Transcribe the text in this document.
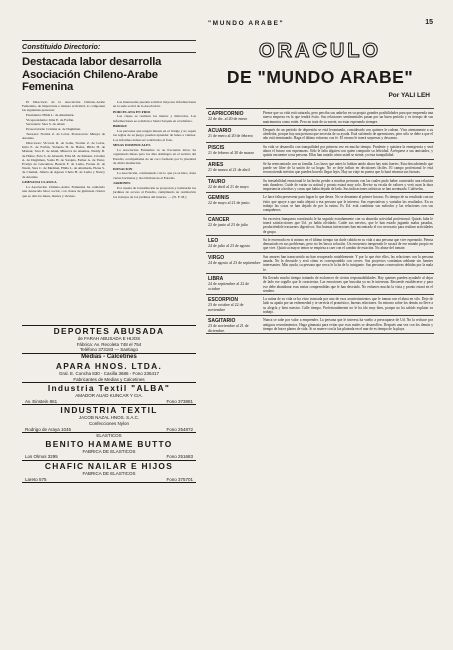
"MUNDO ARABE"	15
Constituido Directorio:
Destacada labor desarrolla Asociación Chileno-Arabe Femenina

El Directorio de la Asociación Chileno-Arabe Femenina, de importante e intensa actividad, lo componen las siguientes personas:

Presidenta: Hilda L. de Ahumadar.

Vicepresidenta: Irma E. de Farfán.

Secretaria: Sara S. de Abud.

Prosecretaria: Cristina A. de Dughman.

Tesorera: Norma Z. de Lolas. Protesorera: Mireya de Ananías.

Directoras: Victoria R. de Gaña, Norma Z. de Lolas, Irma E. de Farfán, Yolanda H. de Hafez, Hilda H. de Mansur, Sara E. de Abud, Minerva de Ananías, Naddy D. de Hafez, Fela S. de Abuadir, Elba M. de Mansur, Cristina A. de Dughman, Sonia H. de Sarquis, Esther A. de Yarur, Evelyn de Giacaman, Beatriz F. de Lama, Frenia O. de Nazal, Sara C. de Medinel, Hilda L. de Ahumada, Elena S. de Chamel, Julieta de Aguad, Chela H. de Lama y Nancy de Ananías.

GIMNASIA CLASICA

La Asociación Chileno-Arabe Femenina ha realizado una destacada labor social, con clases de gimnasia clásica que se dan los lunes, martes y viernes.

Las interesadas pueden solicitar mayores informaciones en la sede social de la Asociación.

PORCELANA EN FRIO

Las clases se realizan los martes y miércoles. Las informaciones se solicitan a Santa Sarquis en el teléfono.

BRIDGE

Las personas que tengan interés en el bridge y no sepan las reglas de su juego, pueden aprender de lunes a viernes. Los informes deben ser solicitados al fono.

MISAS DOMINICALES

La Asociación Femenina ve su frecuente labor, ha organizado misas para los días domingos en el recinto del Estadio, acompañadas de un coro formado por la juventud de dicha institución.

DONACION

La Asociación, continuando con lo que ya se hizo, dona varias bacinetas y dos bibliotecas al Estadio.

JARDINES

Por cuenta de la institución se proyectan y realizarán los jardines de acceso al Estadio, cumpliendo su realización los trabajos de los jardines del interior. — (N. F. M.)

DEPORTES ABUSADA
de FARAH ABUSADA E HIJOS
Fábrica: Av. Recoleta 748 el 754
Teléfono 373183 — Santiago
Medias - Calcetines
APARA HNOS. LTDA.
Gral. E. Concha 830 - Casilla 3686 - Fono 236417
Fabricantes de Medias y Calcetines
Industria Textil "ALBA"
AMADOR AUAD KUNCAR Y CIA.
Av. Einstein 861	Fono 373881
INDUSTRIA TEXTIL
JACOB NAZAL HNOS. S.A.C.
Confecciones Nylon
Rodrigo de Araya 1045	Fono 254872
ELASTICOS
BENITO HAMAME BUTTO
FABRICA DE ELASTICOS
Los Olmos 3295	Fono 251683
CHAFIC NAILAR E HIJOS
FABRICA DE ELASTICOS
Lareto 575	Fono 375701
ORACULO
DE "MUNDO ARABE"
Por YALI LEH
CAPRICORNIO
22 de dic. al 20 de enero
Piense que su vida está saturada, pero perciba sus anhelos en su propio grandes posibilidades para que emprenda una nueva empresa en la que tendrá éxito. Sus relaciones sentimentales pasan por un buen período y es tiempo de sus matrimonios como estén. Pero no trate de su suerte, no estar esperando siempre.
ACUARIO
21 de enero al 20 de febrero
Después de un período de depresión se está levantando, considerado con quienes le rodean. Viva atentamente a su alrededor, porque hay una persona que necesita de su ayuda. Está sufriendo de aprensiones, pero sólo se debe a que el año está terminando. Haga el último esfuerzo con fe. El verano le traerá sorpresas y descanso.
PISCIS
21 de febrero al 20 de marzo
Su vida se desarrolla con tranquilidad por primera vez en mucho tiempo. Prudente y quisiera la emergencia y será ahora el futuro con esperanzas. Sólo le falta alguien con quien compartir su felicidad. Acérquese a sus amistades, y quizás encuentre a esa persona. Ellas han notado cómo usted se siente, ya esta tranquilidad.
ARIES
21 de marzo al 21 de abril
Se ha reencontrado con su familia. Los lazos que antes lo habían unido ahora hay más fuertes. Esta descubriendo que puede ser libre de la unión de su hogar. No se deje influir en decisiones fáciles. El campo profesional le está reconociendo méritos que pueden hacerlo llegar lejos. Hay un viaje en puerta que lo hará retomar sus fuerzas.
TAURO
22 de abril al 21 de mayo
Su inestabilidad emocional le ha hecho perder a muchas personas con las cuales pudo haber construido una relación más duradera. Cuide de variar su actitud y pronto estará muy solo. Revise su escala de valores y verá cuan la dura importancia a hechos y cosas que habia dejado de lado. Sus indicaciones artísticas se han acentuado. Cultívelas.
GEMINIS
22 de mayo al 21 de junio
Le hace falta perseverar para lograr lo que desea. No se desanime al primer fracaso. Es tiempo de su resultado con un éxito que apoye a que nada alejará a esa persona que le interesa. Sus expectativas y variadas las resultados. En su trabajo las cosas se han dejado de por la rutina. Es Ud. está combinar sus métodos y las relaciones con sus compañeros.
CANCER
22 de junio al 23 de julio
Su excesiva franqueza constituida le ha seguido extrañamente con su aburrida actividad profesional. Quizás falta le traerá satisfacciones que Ud. ya había olvidado. Cuide sus nervios, que le han estado jugando malas pasadas, produciéndole trastornos digestivos. Sus buenas intenciones han encontrado el eco necesario para realizar actividades de grupo.
LEO
24 de julio al 23 de agosto
Su fe encerrado en sí mismo en el último tiempo sin darle cabida en su vida a una persona que vive esperando. Piensa demasiado en sus problemas, pero no les busca solución. Un encuentro inesperado le sacará de ese mundo propio en que vive. Quizá su mayor temor se empieza a caer con el cambio de estación. No abuse del tomate.
VIRGO
24 de agosto al 23 de septiembre
Sus amores han transcurrido no han recuperado notablemente. Y por lo que éste ellos, las relaciones con la persona amada. No la descuide y será cómo es correspondido con creces. Sus proyectos continúan adelante sin fuentes interesantes. Más ayuda, su persona que cerca le la ha de lo intrigante. Sus personas consecutivas debidas por la mala fe.
LIBRA
24 de septiembre al 22 de octubre
Ha llevado mucho tiempo tratando de esclarecer de ciertas responsabilidades. Hay quienes pueden ayudarle al dejar de lado ese orgullo que le caracteriza. Las emociones que buscaba ya no le interesan. Recuerde establecerse y para eso debe abandonar esas metas comprendidas que le han desviado. No enfueres mucho la vista y pronto estará en el sendero.
ESCORPION
23 de octubre al 22 de noviembre
La rutina de su vida se ha visto truncada por uno de esos acontecimientos que le toman con el alma en vilo. Deje de lado su apatía por un enfermedad y te serviría el pronóstico, buenas relaciones. Su entorno sobre los demás no lleve a su alegría y bien nuestro. Calle tiempo. Profesionalmente no le ha ido muy bien, porque no ha sabido explotar su trabajo.
SAGITARIO
23 de noviembre al 21 de diciembre.
Nunca se sabe por valor a emprender. La persona que le interesa ha vuelto a preocuparse de Ud. No la rechace por antiguos resentimientos. Haga gimnasia para evitar que esos males se desarrollen. Después una vez con los demás y tiempo de hacer planes de vida. Si se mueve con la luz plateada en el mar de es tiempo de la playa.
